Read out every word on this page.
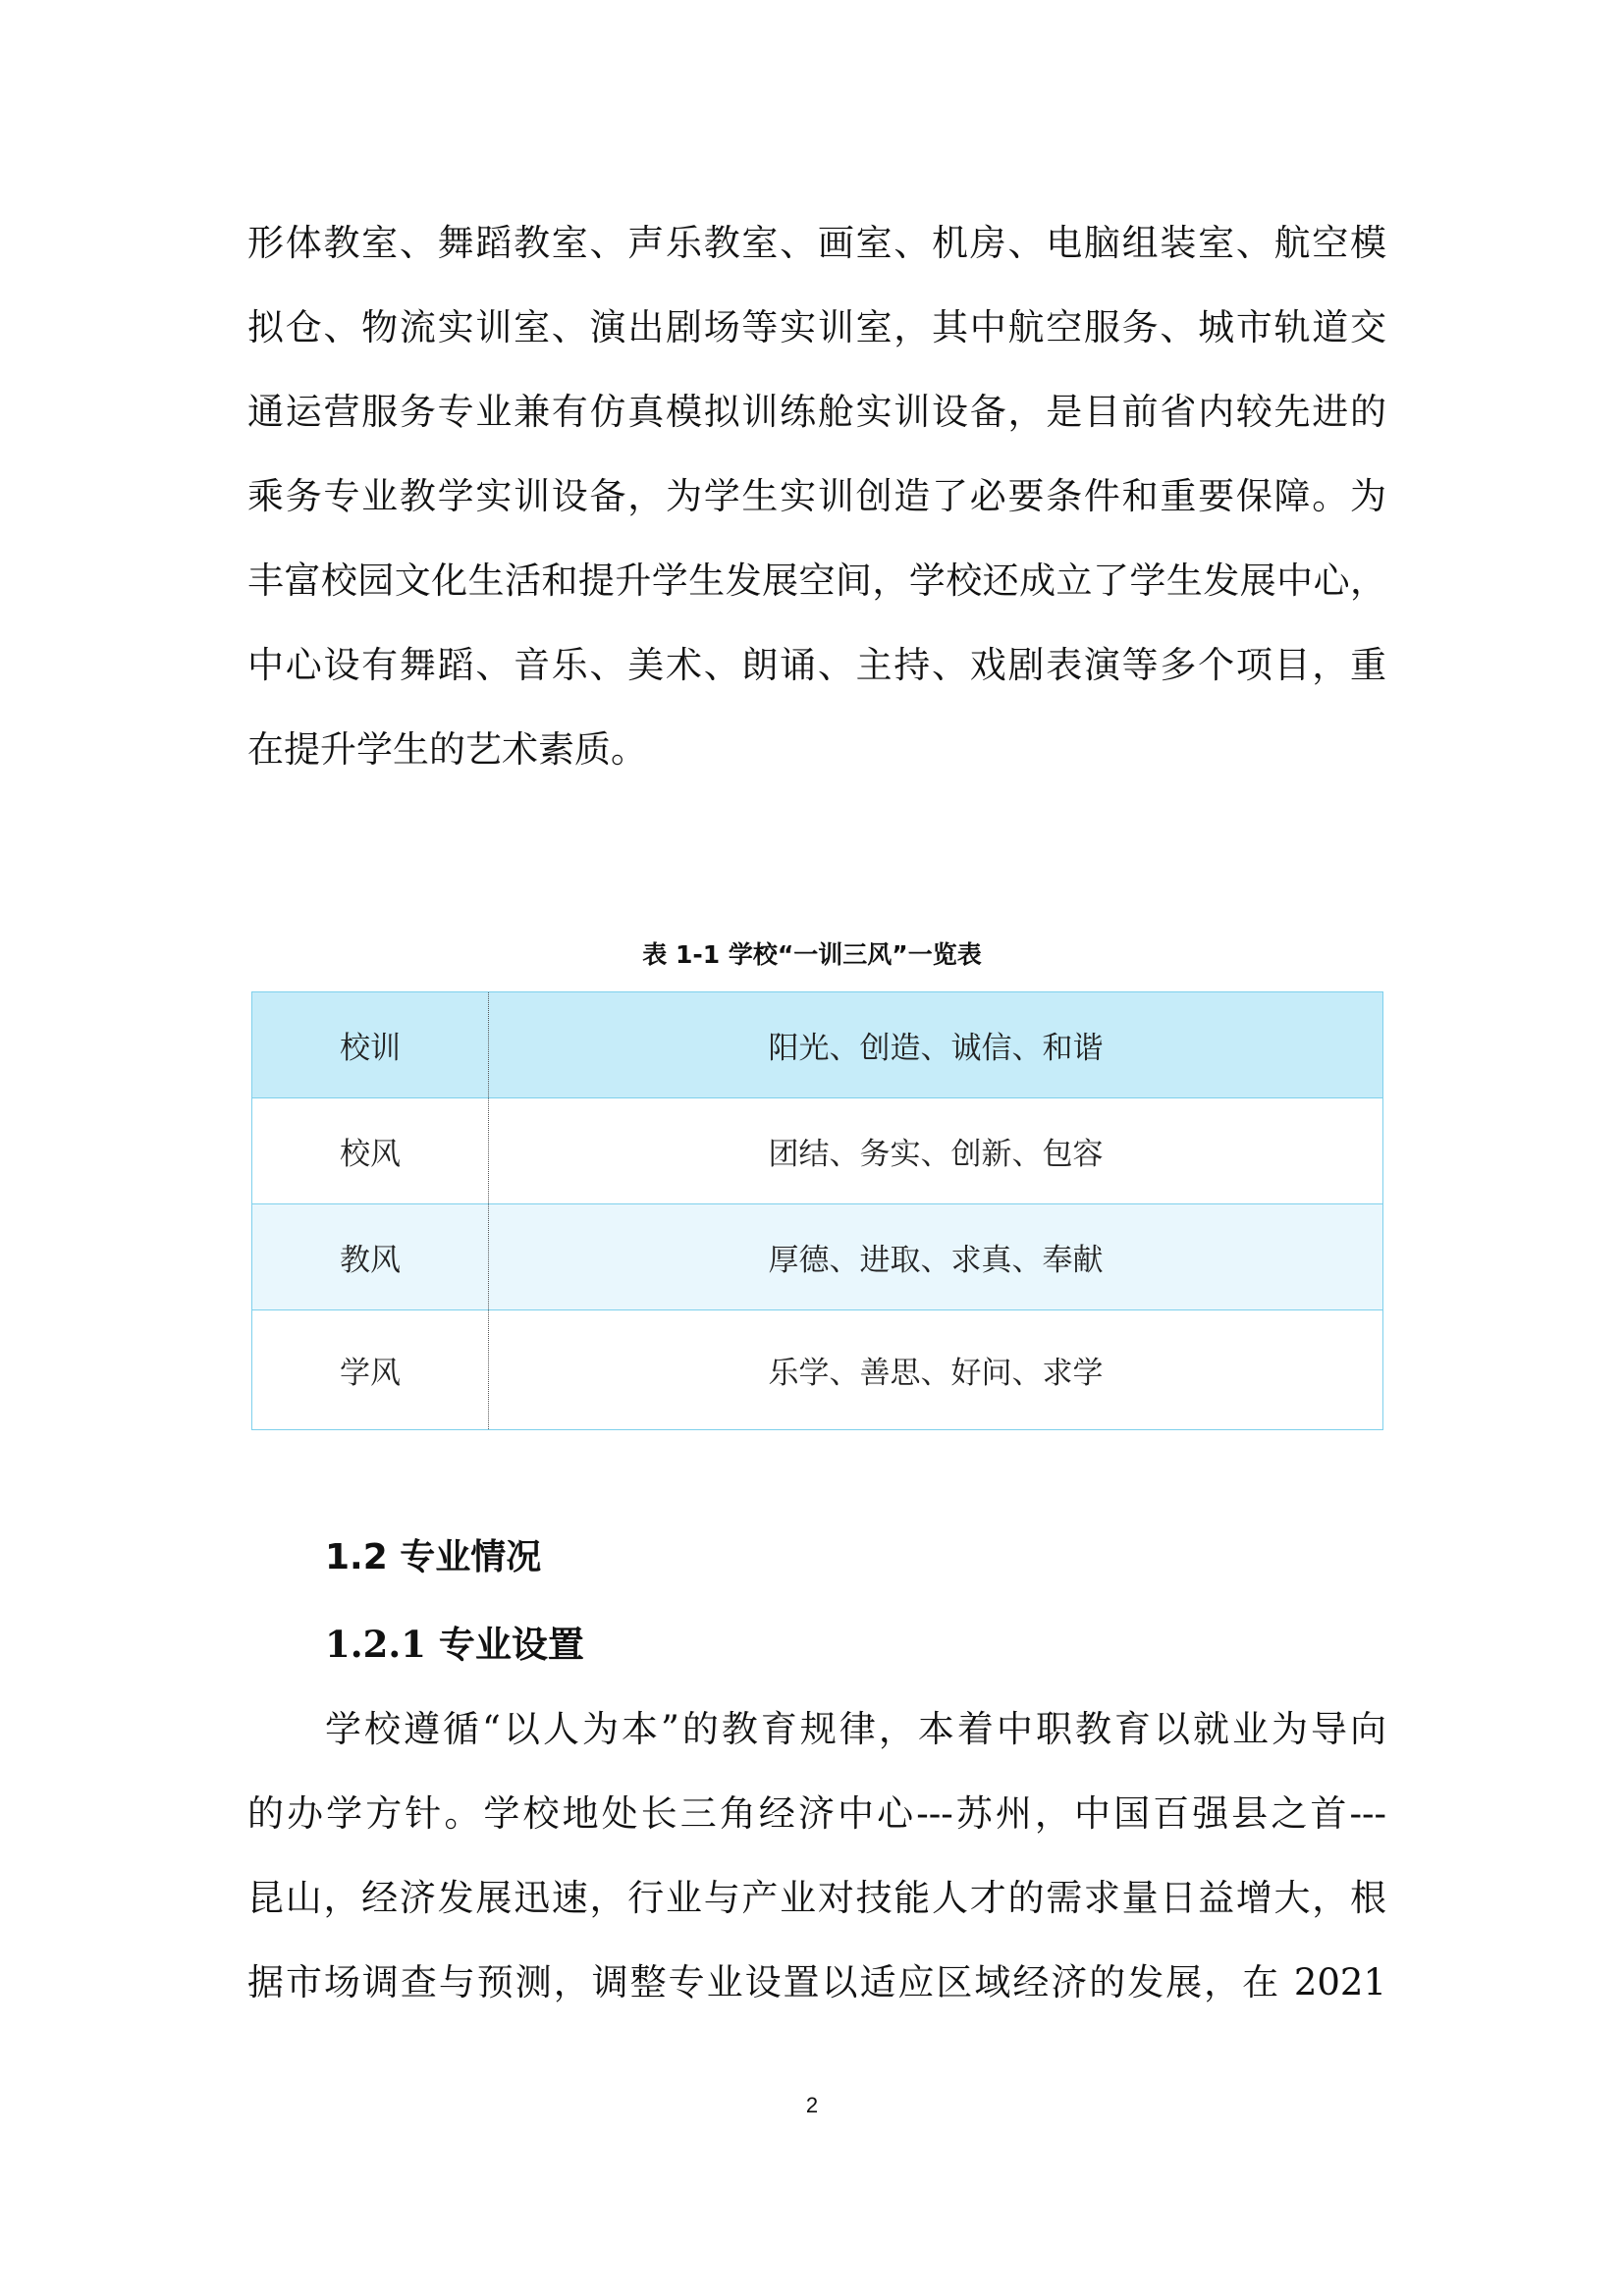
形体教室、舞蹈教室、声乐教室、画室、机房、电脑组装室、航空模

拟仓、物流实训室、演出剧场等实训室，其中航空服务、城市轨道交

通运营服务专业兼有仿真模拟训练舱实训设备，是目前省内较先进的

乘务专业教学实训设备，为学生实训创造了必要条件和重要保障。为

丰富校园文化生活和提升学生发展空间，学校还成立了学生发展中心，

中心设有舞蹈、音乐、美术、朗诵、主持、戏剧表演等多个项目，重

在提升学生的艺术素质。

表 1-1 学校“一训三风”一览表

校训	阳光、创造、诚信、和谐
校风	团结、务实、创新、包容
教风	厚德、进取、求真、奉献
学风	乐学、善思、好问、求学
1.2 专业情况
1.2.1 专业设置

学校遵循“以人为本”的教育规律，本着中职教育以就业为导向

的办学方针。学校地处长三角经济中心---苏州，中国百强县之首---

昆山，经济发展迅速，行业与产业对技能人才的需求量日益增大，根

据市场调查与预测，调整专业设置以适应区域经济的发展，在 2021

2
